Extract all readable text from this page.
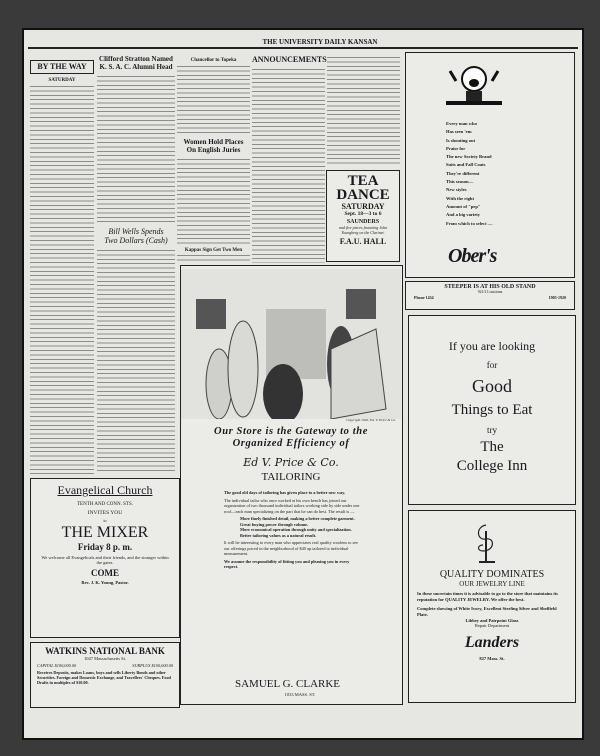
THE UNIVERSITY DAILY KANSAN
BY THE WAY
SATURDAY
Clifford Stratton Named
K. S. A. C. Alumni Head
Bill Wells Spends
Two Dollars (Cash)
Chancellor to Topeka
Women Hold Places
On English Juries
Kappas Sign Get Two Men
ANNOUNCEMENTS
TEA
DANCE
SATURDAY
Sept. 18—3 to 6
SAUNDERS
and five pieces featuring John Youngberg on the Clarinet.
F.A.U. HALL
Copyright 1920, Ed. V. Price & Co.
Our Store is the Gateway to the
Organized Efficiency of
Ed V. Price & Co.
TAILORING

The good old days of tailoring has given place to a better new way.

The individual tailor who once worked at his own bench has joined our organization of two thousand individual tailors working side by side under one roof—each man specializing on the part that he can do best. The result is —

More finely finished detail, making a better complete garment.

Great buying power through volume.

More economical operation through unity and specialization.

Better tailoring values as a natural result.

It will be interesting to every man who appreciates real quality woolens to see our offerings priced in the neighborhood of $40 up tailored to individual measurement.

We assume the responsibility of fitting you and pleasing you in every respect.

SAMUEL G. CLARKE
1033 MASS. ST.
Evangelical Church
TENTH AND CONN. STS.
INVITES YOU
to
THE MIXER
Friday 8 p. m.
We welcome all Evangelicals and their friends, and the stranger within the gates.
COME
Rev. J. K. Young, Pastor.
WATKINS NATIONAL BANK
1047 Massachusetts St.
CAPITAL $100,000.00	SURPLUS $100,000.00
Receives Deposits, makes Loans, buys and sells Liberty Bonds and other Securities. Foreign and Domestic Exchange, and Travellers' Cheques. Food Drafts in multiples of $10.00.
Every man who
Has seen 'em
Is shouting out
Praise for
The new Society Brand
Suits and Fall Coats
They're different
This season—
New styles
With the right
Amount of "pep"
And a big variety
From which to select —
Ober's
STEEPER IS AT HIS OLD STAND
921/2 Louisiana
Phone 1434	1905-1920
If you are looking
for
Good
Things to Eat
try
The
College Inn
QUALITY DOMINATES
OUR JEWELRY LINE
In these uncertain times it is advisable to go to the store that maintains its reputation for QUALITY JEWELRY. We offer the best.
Complete showing of White Ivory, Excellent Sterling Silver and Sheffield Plate.
Libbey and Pairpoint Glass
Repair Department
Landers
827 Mass. St.
